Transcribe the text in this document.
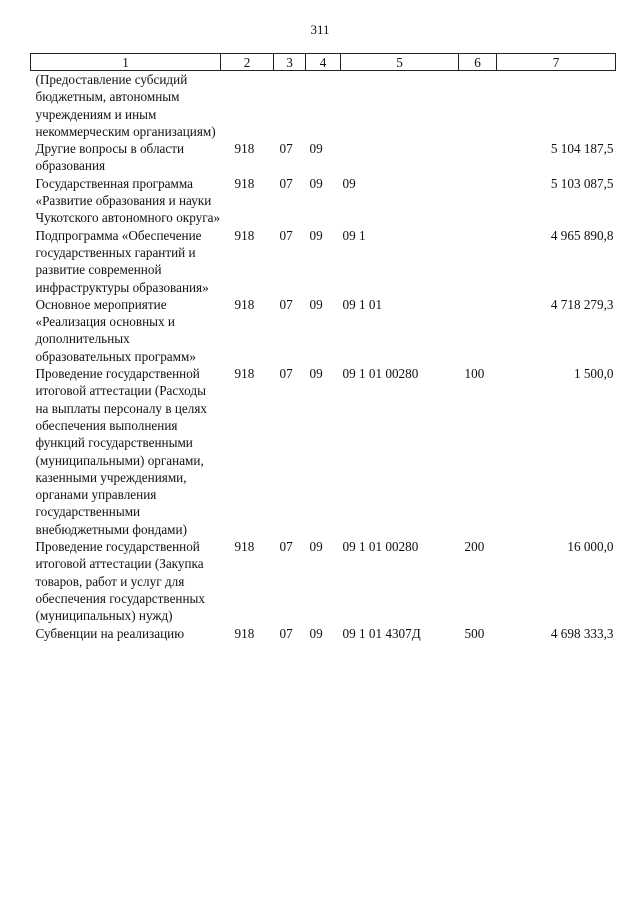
311
1	2	3	4	5	6	7
(Предоставление субсидий бюджетным, автономным учреждениям и иным некоммерческим организациям)						
Другие вопросы в области образования	918	07	09			5 104 187,5
Государственная программа «Развитие образования и науки Чукотского автономного округа»	918	07	09	09		5 103 087,5
Подпрограмма «Обеспечение государственных гарантий и развитие современной инфраструктуры образования»	918	07	09	09 1		4 965 890,8
Основное мероприятие «Реализация основных и дополнительных образовательных программ»	918	07	09	09 1 01		4 718 279,3
Проведение государственной итоговой аттестации (Расходы на выплаты персоналу в целях обеспечения выполнения функций государственными (муниципальными) органами, казенными учреждениями, органами управления государственными внебюджетными фондами)	918	07	09	09 1 01 00280	100	1 500,0
Проведение государственной итоговой аттестации (Закупка товаров, работ и услуг для обеспечения государственных (муниципальных) нужд)	918	07	09	09 1 01 00280	200	16 000,0
Субвенции на реализацию	918	07	09	09 1 01 4307Д	500	4 698 333,3
